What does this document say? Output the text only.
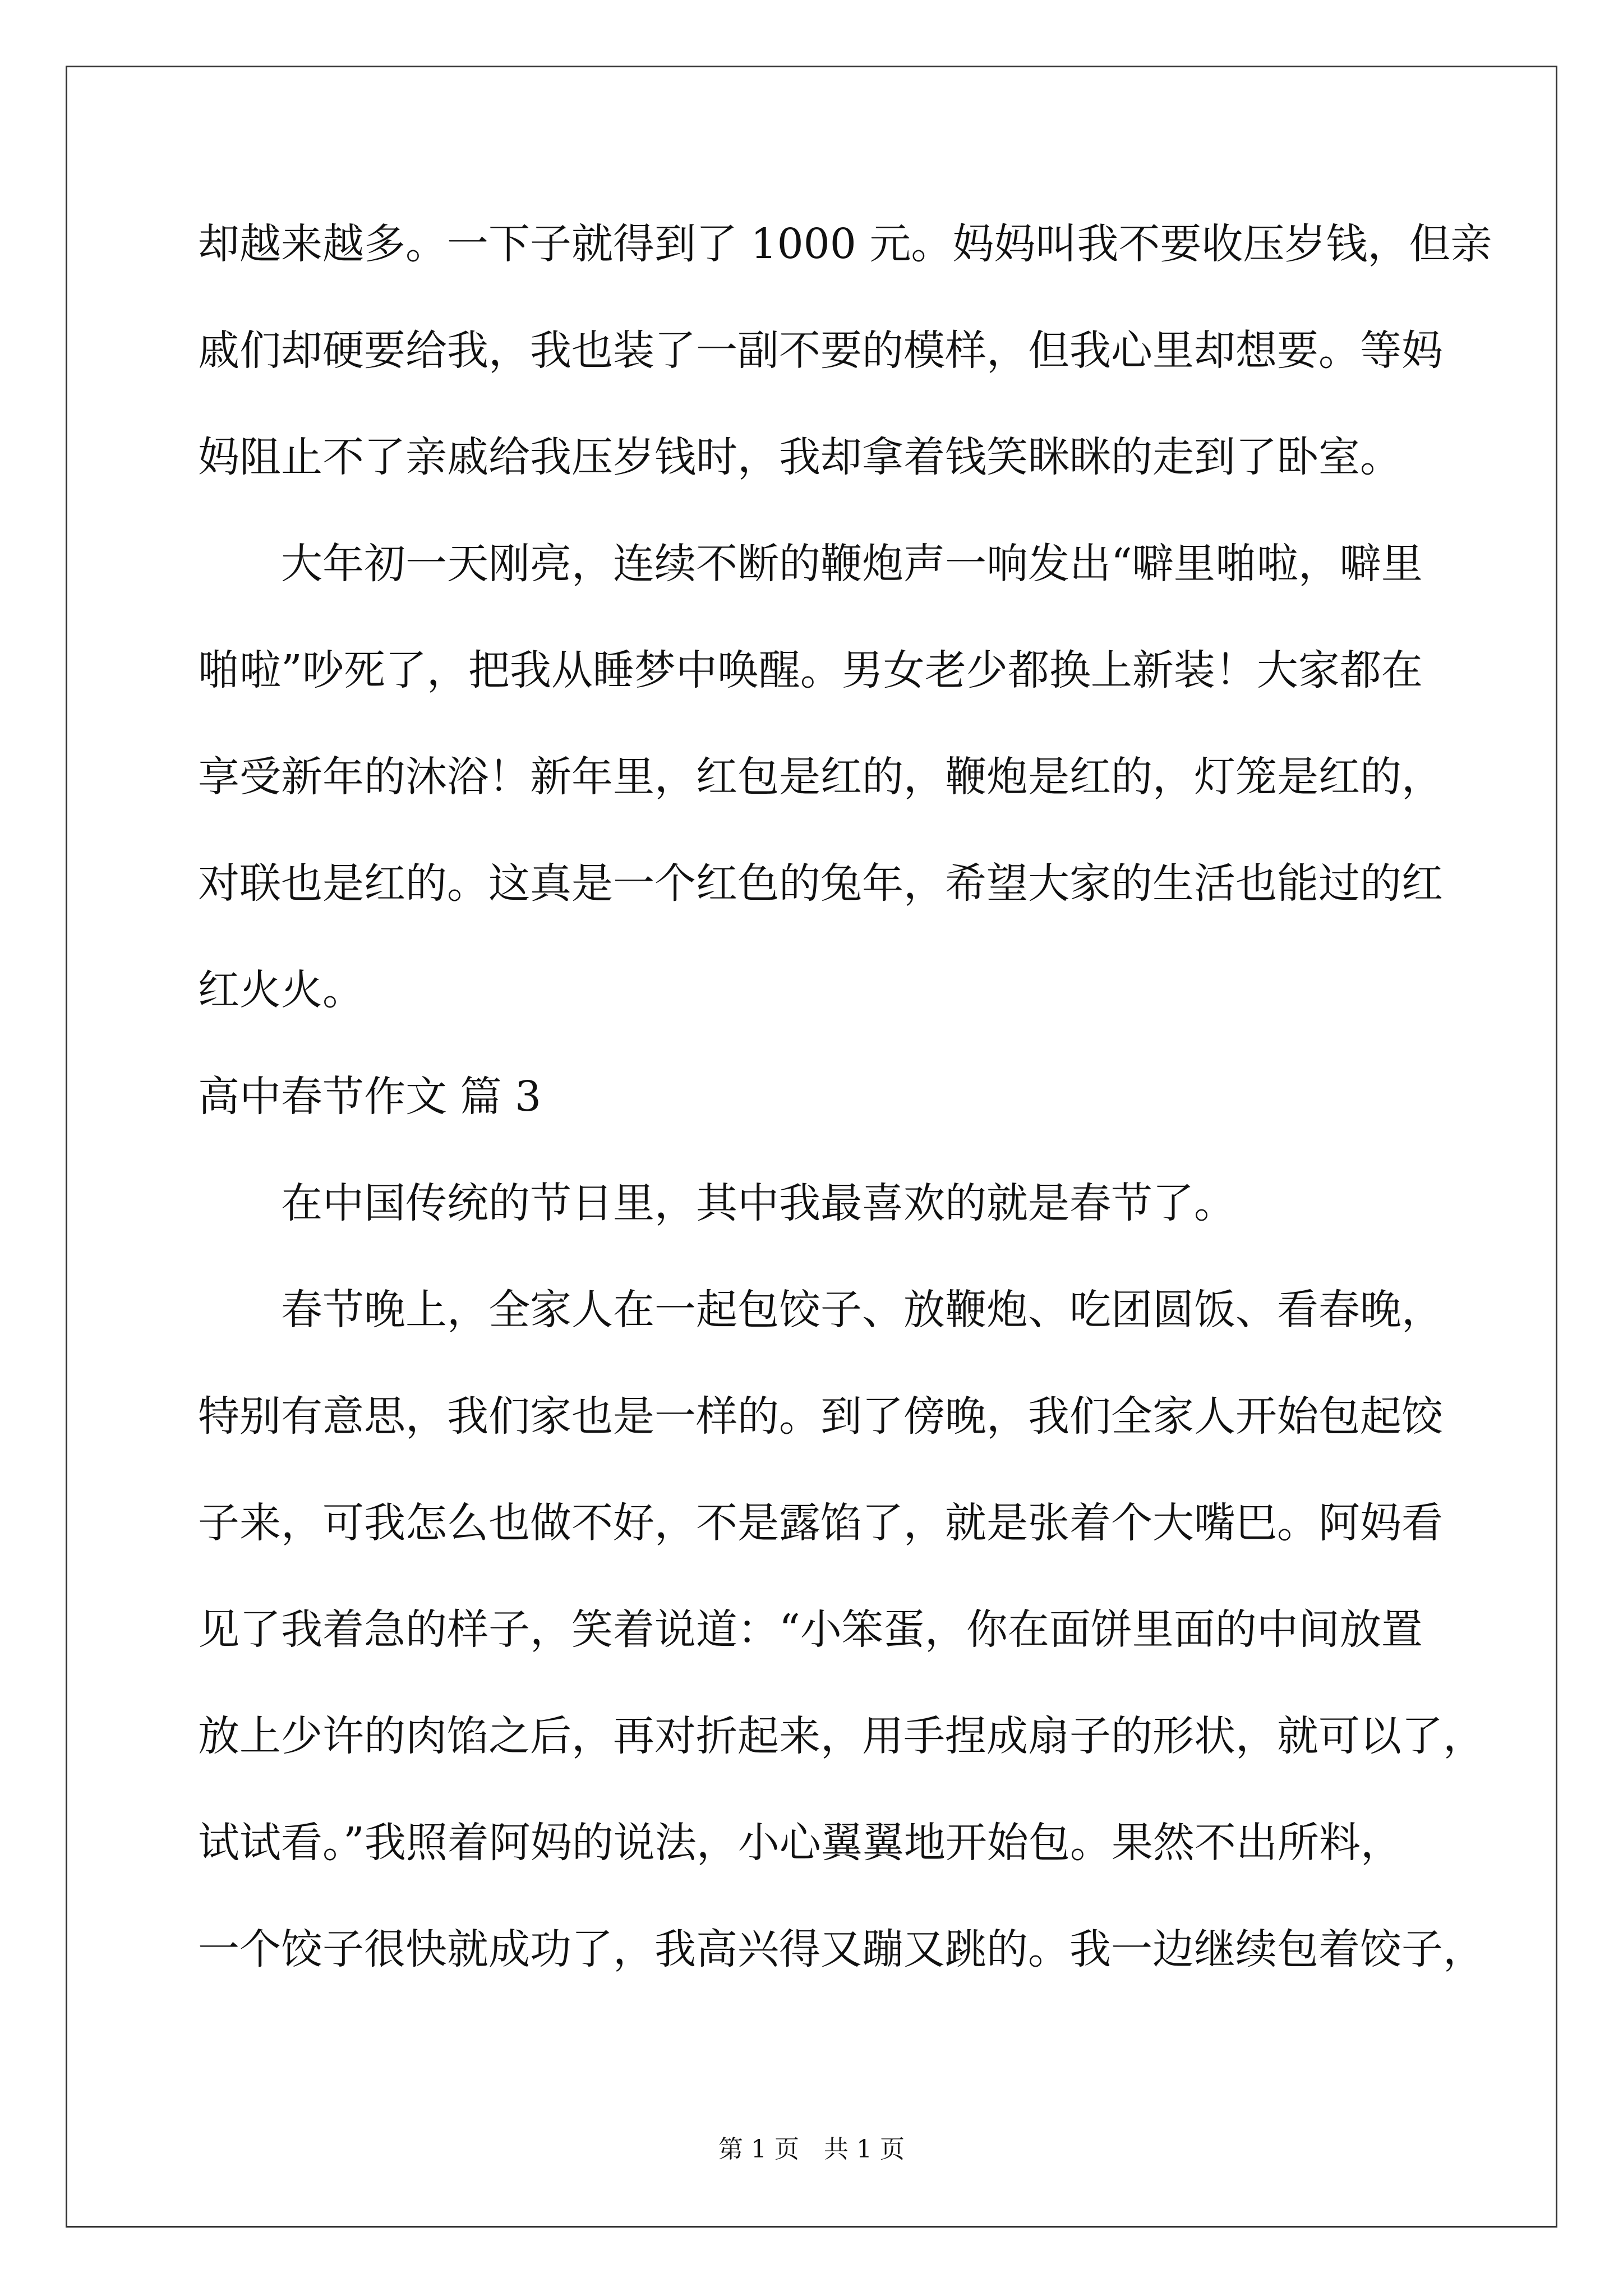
却越来越多。一下子就得到了 1000 元。妈妈叫我不要收压岁钱，但亲

戚们却硬要给我，我也装了一副不要的模样，但我心里却想要。等妈

妈阻止不了亲戚给我压岁钱时，我却拿着钱笑眯眯的走到了卧室。

　　大年初一天刚亮，连续不断的鞭炮声一响发出“噼里啪啦，噼里

啪啦”吵死了，把我从睡梦中唤醒。男女老少都换上新装！大家都在

享受新年的沐浴！新年里，红包是红的，鞭炮是红的，灯笼是红的，

对联也是红的。这真是一个红色的兔年，希望大家的生活也能过的红

红火火。

高中春节作文 篇 3

　　在中国传统的节日里，其中我最喜欢的就是春节了。

　　春节晚上，全家人在一起包饺子、放鞭炮、吃团圆饭、看春晚，

特别有意思，我们家也是一样的。到了傍晚，我们全家人开始包起饺

子来，可我怎么也做不好，不是露馅了，就是张着个大嘴巴。阿妈看

见了我着急的样子，笑着说道：“小笨蛋，你在面饼里面的中间放置

放上少许的肉馅之后，再对折起来，用手捏成扇子的形状，就可以了，

试试看。”我照着阿妈的说法，小心翼翼地开始包。果然不出所料，

一个饺子很快就成功了，我高兴得又蹦又跳的。我一边继续包着饺子，

第 1 页　共 1 页
